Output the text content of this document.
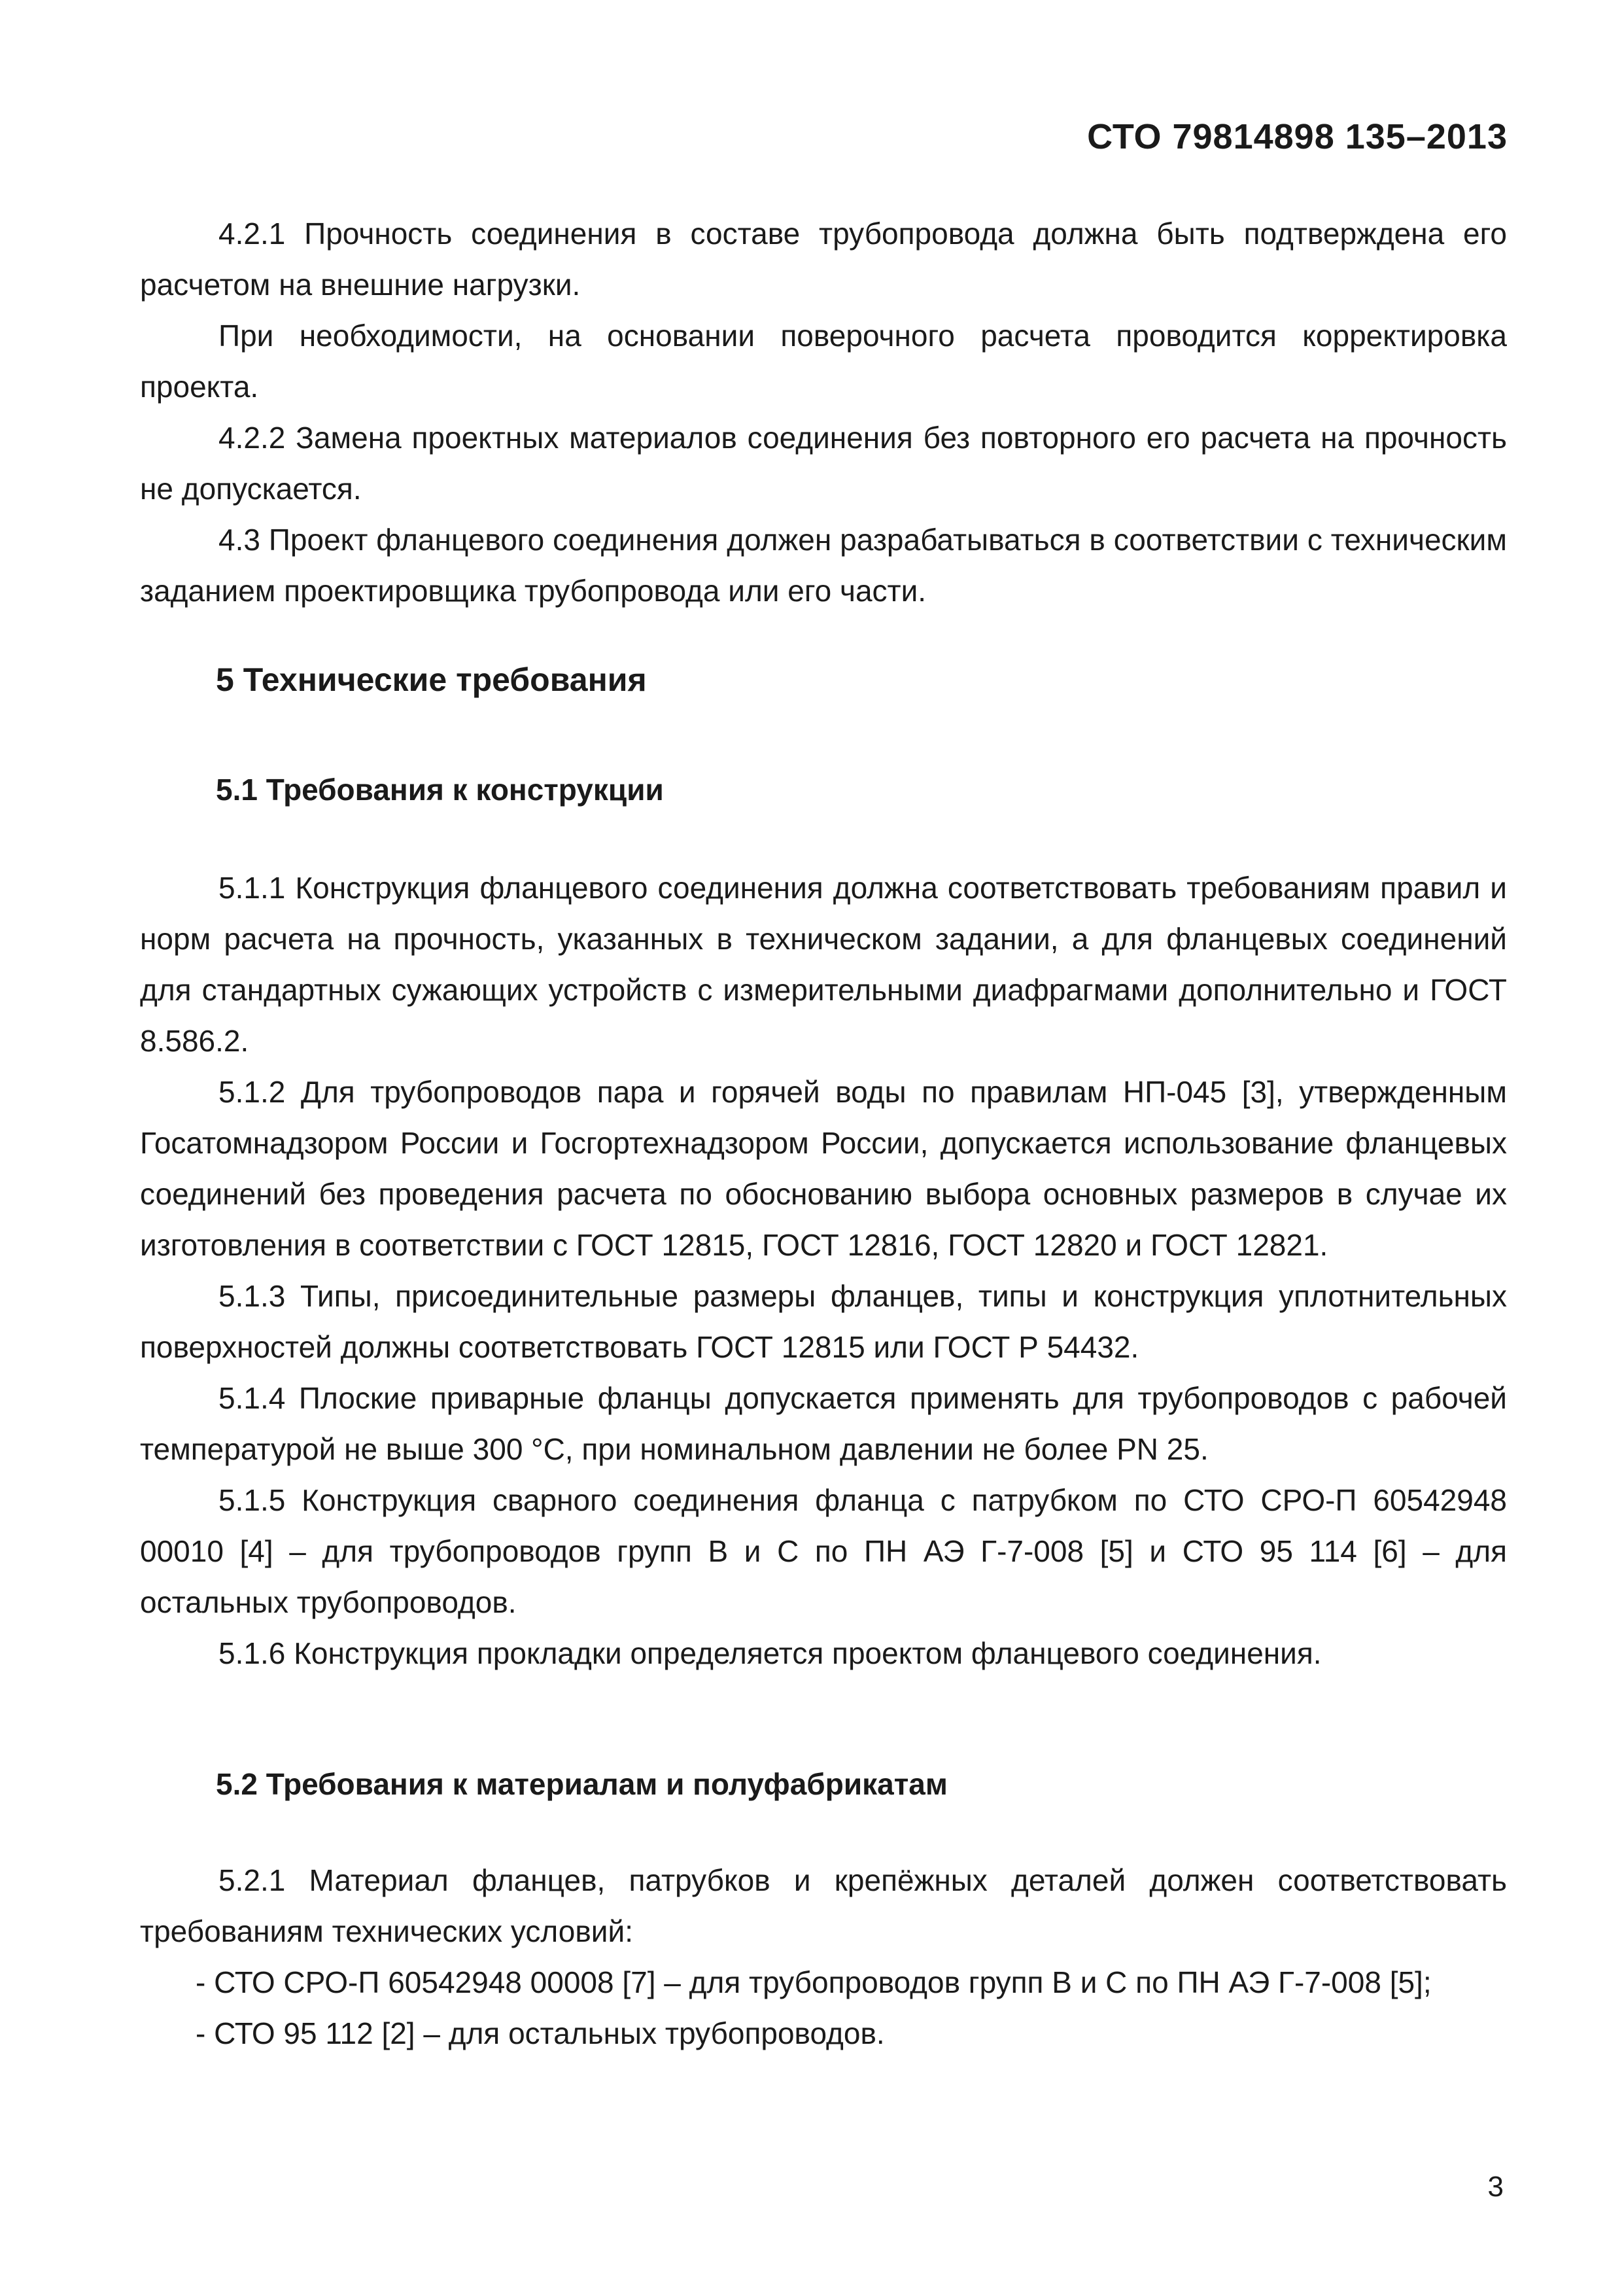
СТО 79814898 135–2013

4.2.1 Прочность соединения в составе трубопровода должна быть подтверждена его расчетом на внешние нагрузки.

При необходимости, на основании поверочного расчета проводится корректировка проекта.

4.2.2 Замена проектных материалов соединения без повторного его расчета на прочность не допускается.

4.3 Проект фланцевого соединения должен разрабатываться в соответствии с техническим заданием проектировщика трубопровода или его части.

5 Технические требования
5.1 Требования к конструкции

5.1.1 Конструкция фланцевого соединения должна соответствовать требованиям правил и норм расчета на прочность, указанных в техническом задании, а для фланцевых соединений для стандартных сужающих устройств с измерительными диафрагмами дополнительно и ГОСТ 8.586.2.

5.1.2 Для трубопроводов пара и горячей воды по правилам НП-045 [3], утвержденным Госатомнадзором России и Госгортехнадзором России, допускается использование фланцевых соединений без проведения расчета по обоснованию выбора основных размеров в случае их изготовления в соответствии с ГОСТ 12815, ГОСТ 12816, ГОСТ 12820 и ГОСТ 12821.

5.1.3 Типы, присоединительные размеры фланцев, типы и конструкция уплотнительных поверхностей должны соответствовать ГОСТ 12815 или ГОСТ Р 54432.

5.1.4 Плоские приварные фланцы допускается применять для трубопроводов с рабочей температурой не выше 300 °С, при номинальном давлении не более PN 25.

5.1.5 Конструкция сварного соединения фланца с патрубком по СТО СРО-П 60542948 00010 [4] – для трубопроводов групп В и С по ПН АЭ Г-7-008 [5] и СТО 95 114 [6] – для остальных трубопроводов.

5.1.6 Конструкция прокладки определяется проектом фланцевого соединения.

5.2 Требования к материалам и полуфабрикатам

5.2.1 Материал фланцев, патрубков и крепёжных деталей должен соответствовать требованиям технических условий:

- СТО СРО-П 60542948 00008 [7] – для трубопроводов групп В и С по ПН АЭ Г-7-008 [5];
- СТО 95 112 [2] – для остальных трубопроводов.
3
